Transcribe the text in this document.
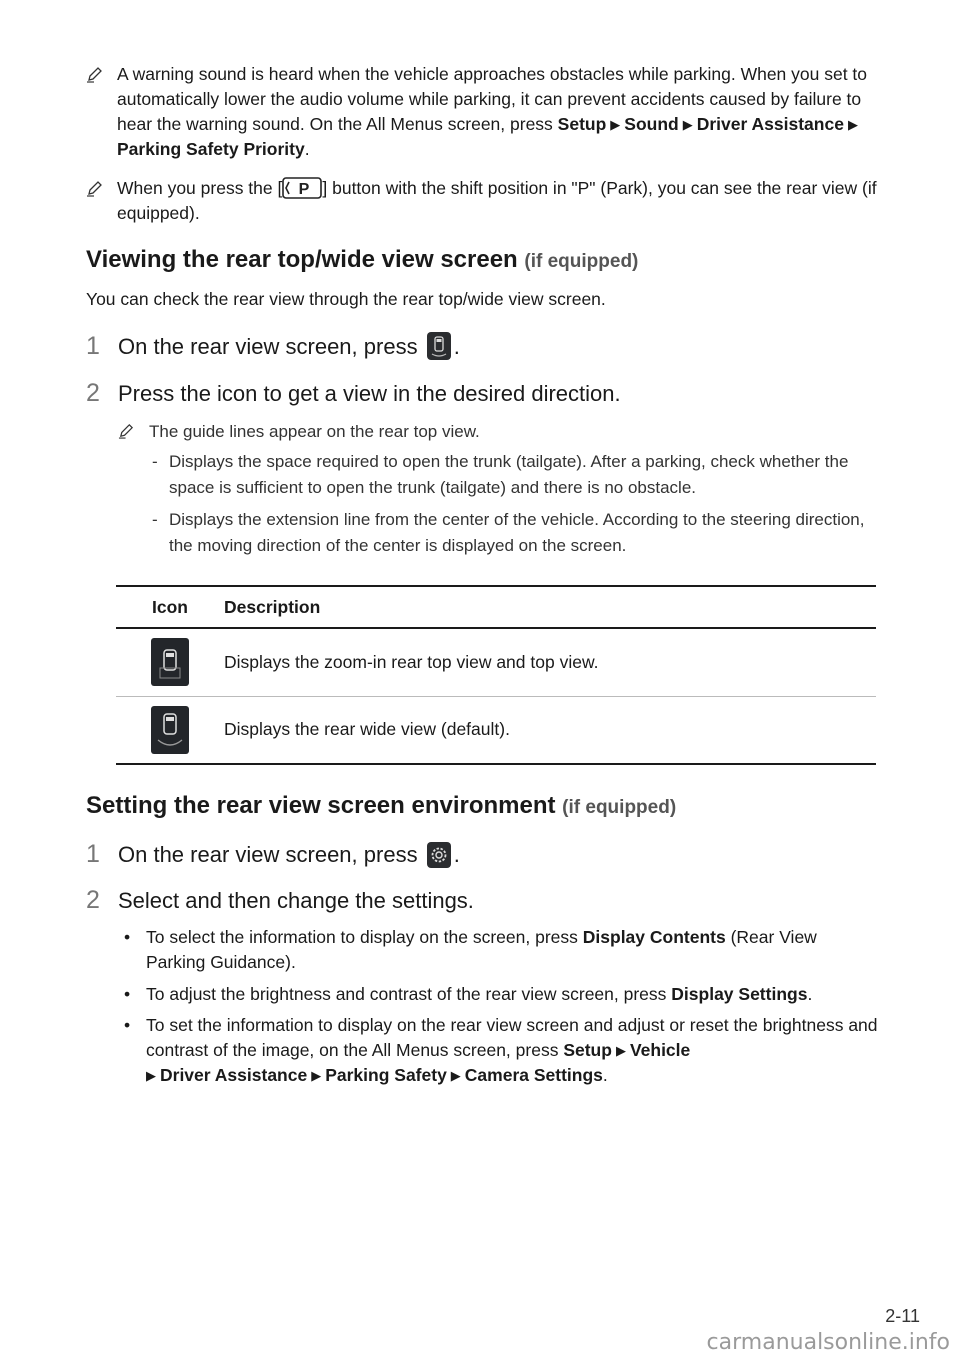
A warning sound is heard when the vehicle approaches obstacles while parking. When you set to automatically lower the audio volume while parking, it can prevent accidents caused by failure to hear the warning sound. On the All Menus screen, press Setup ▶ Sound ▶ Driver Assistance ▶Parking Safety Priority.
When you press the [ P ] button with the shift position in "P" (Park), you can see the rear view (if equipped).
Viewing the rear top/wide view screen (if equipped)
You can check the rear view through the rear top/wide view screen.
1 On the rear view screen, press .
2 Press the icon to get a view in the desired direction.
The guide lines appear on the rear top view.
- Displays the space required to open the trunk (tailgate). After a parking, check whether the space is sufficient to open the trunk (tailgate) and there is no obstacle.
- Displays the extension line from the center of the vehicle. According to the steering direction, the moving direction of the center is displayed on the screen.
Icon	Description
	Displays the zoom-in rear top view and top view.
	Displays the rear wide view (default).
Setting the rear view screen environment (if equipped)
1 On the rear view screen, press .
2 Select and then change the settings.
• To select the information to display on the screen, press Display Contents (Rear View Parking Guidance).
• To adjust the brightness and contrast of the rear view screen, press Display Settings.
• To set the information to display on the rear view screen and adjust or reset the brightness and contrast of the image, on the All Menus screen, press Setup ▶ Vehicle
▶ Driver Assistance ▶ Parking Safety ▶ Camera Settings.
2-11
carmanualsonline.info
